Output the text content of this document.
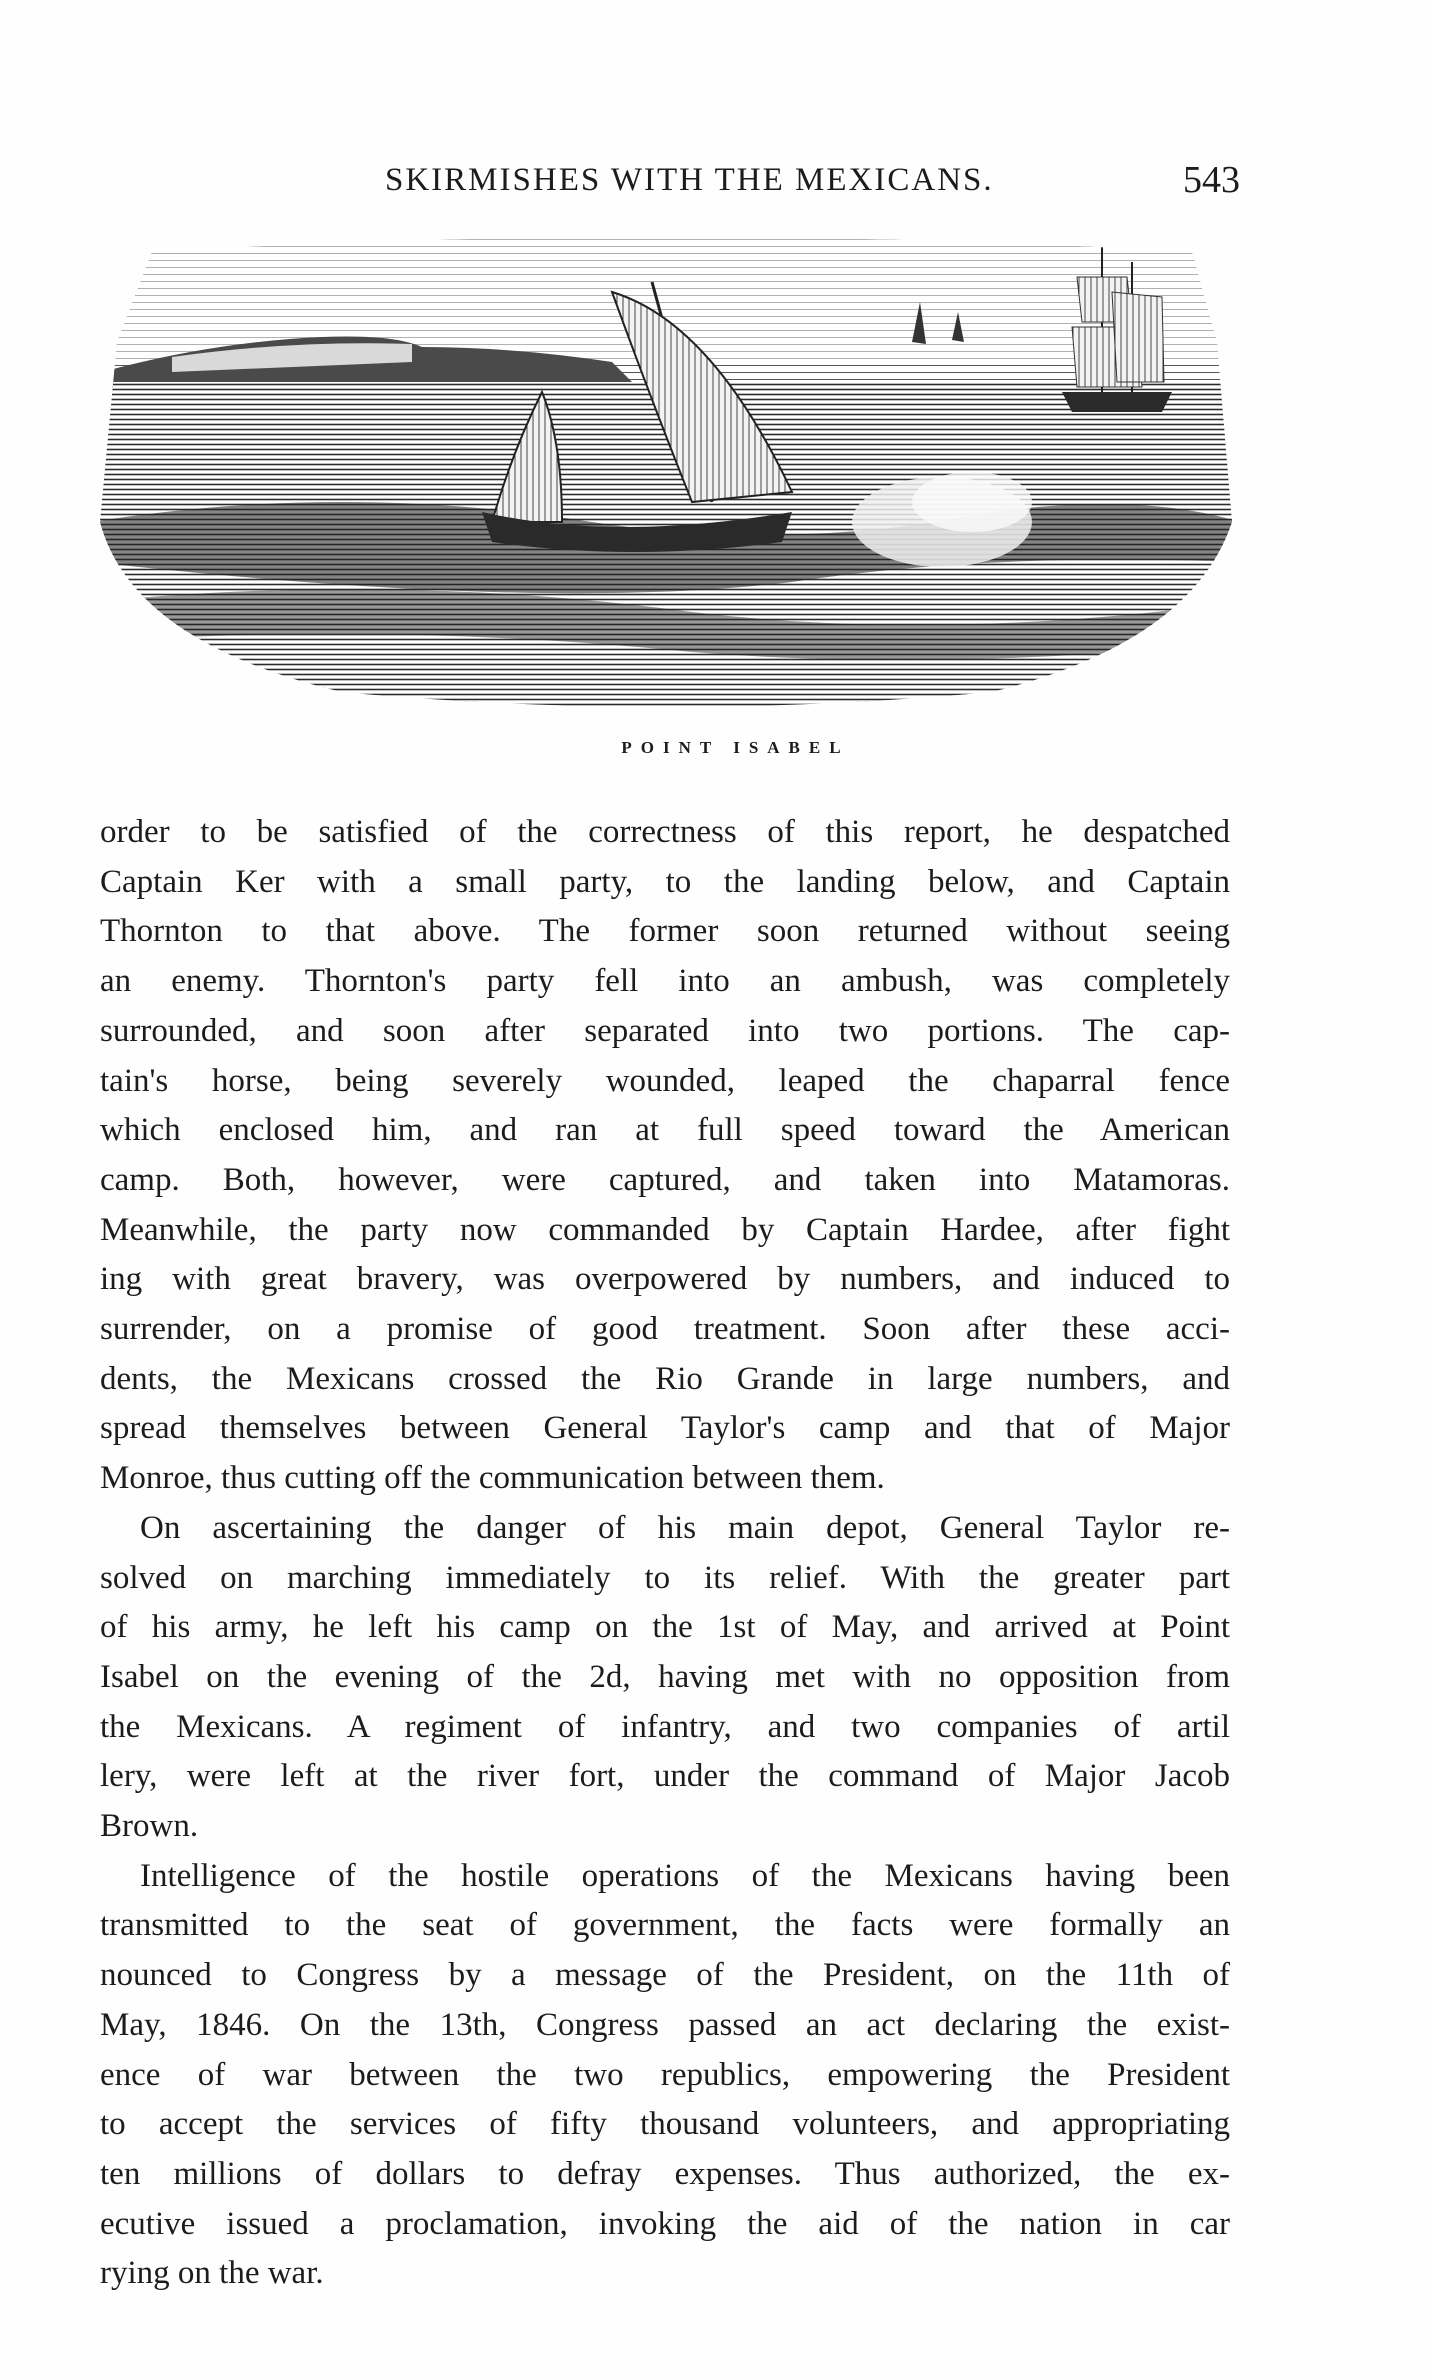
SKIRMISHES WITH THE MEXICANS.	543
POINT ISABEL

order to be satisfied of the correctness of this report, he despatched
Captain Ker with a small party, to the landing below, and Captain
Thornton to that above. The former soon returned without seeing
an enemy. Thornton's party fell into an ambush, was completely
surrounded, and soon after separated into two portions. The cap-
tain's horse, being severely wounded, leaped the chaparral fence
which enclosed him, and ran at full speed toward the American
camp. Both, however, were captured, and taken into Matamoras.
Meanwhile, the party now commanded by Captain Hardee, after fight
ing with great bravery, was overpowered by numbers, and induced to
surrender, on a promise of good treatment. Soon after these acci-
dents, the Mexicans crossed the Rio Grande in large numbers, and
spread themselves between General Taylor's camp and that of Major
Monroe, thus cutting off the communication between them.

On ascertaining the danger of his main depot, General Taylor re-
solved on marching immediately to its relief. With the greater part
of his army, he left his camp on the 1st of May, and arrived at Point
Isabel on the evening of the 2d, having met with no opposition from
the Mexicans. A regiment of infantry, and two companies of artil
lery, were left at the river fort, under the command of Major Jacob
Brown.

Intelligence of the hostile operations of the Mexicans having been
transmitted to the seat of government, the facts were formally an
nounced to Congress by a message of the President, on the 11th of
May, 1846. On the 13th, Congress passed an act declaring the exist-
ence of war between the two republics, empowering the President
to accept the services of fifty thousand volunteers, and appropriating
ten millions of dollars to defray expenses. Thus authorized, the ex-
ecutive issued a proclamation, invoking the aid of the nation in car
rying on the war.
